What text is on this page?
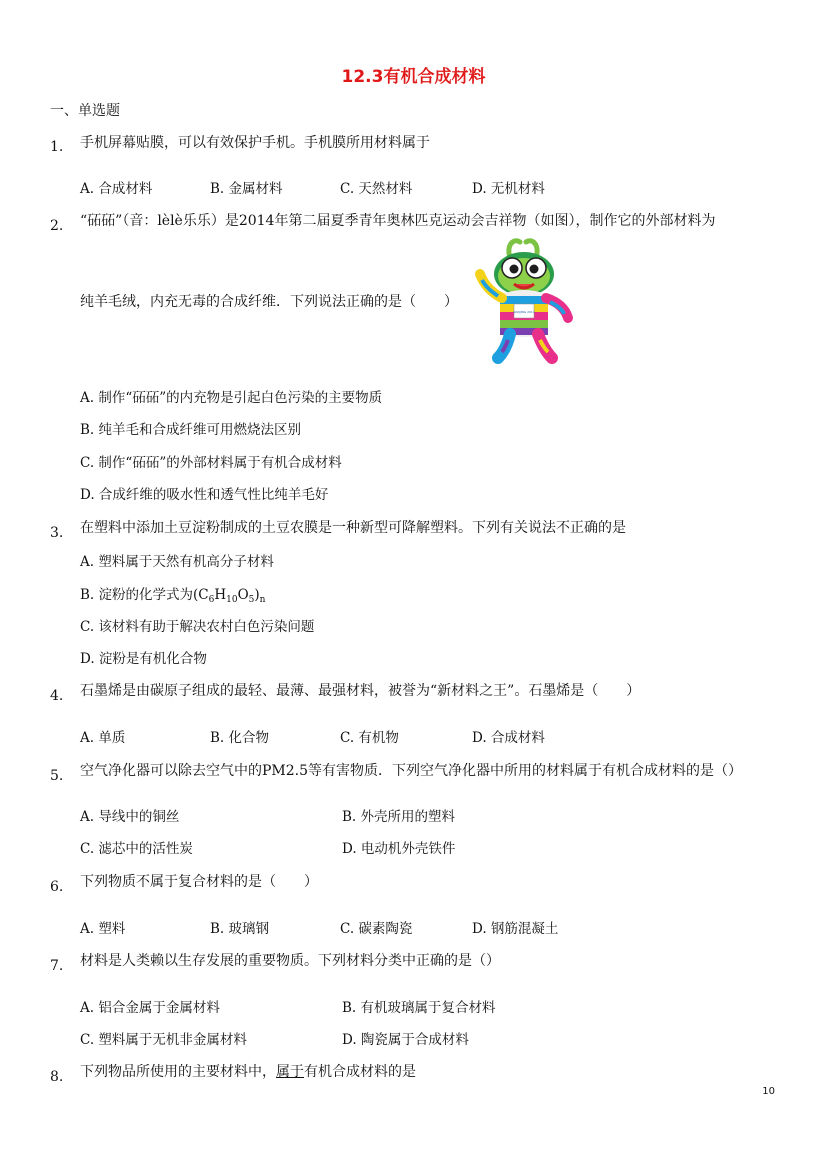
12.3有机合成材料
一、单选题
1. 手机屏幕贴膜，可以有效保护手机。手机膜所用材料属于
A. 合成材料	B. 金属材料	C. 天然材料	D. 无机材料
2. “砳砳”（音：lèlè乐乐）是2014年第二届夏季青年奥林匹克运动会吉祥物（如图），制作它的外部材料为
纯羊毛绒，内充无毒的合成纤维．下列说法正确的是（　　）
NANJING 2014
A. 制作“砳砳”的内充物是引起白色污染的主要物质
B. 纯羊毛和合成纤维可用燃烧法区别
C. 制作“砳砳”的外部材料属于有机合成材料
D. 合成纤维的吸水性和透气性比纯羊毛好
3. 在塑料中添加土豆淀粉制成的土豆农膜是一种新型可降解塑料。下列有关说法不正确的是
A. 塑料属于天然有机高分子材料
B. 淀粉的化学式为$(C_6H_{10}O_5)_n$
C. 该材料有助于解决农村白色污染问题
D. 淀粉是有机化合物
4. 石墨烯是由碳原子组成的最轻、最薄、最强材料，被誉为“新材料之王”。石墨烯是（　　）
A. 单质	B. 化合物	C. 有机物	D. 合成材料
5. 空气净化器可以除去空气中的PM2.5等有害物质．下列空气净化器中所用的材料属于有机合成材料的是（）
A. 导线中的铜丝	B. 外壳所用的塑料
C. 滤芯中的活性炭	D. 电动机外壳铁件
6. 下列物质不属于复合材料的是（　　）
A. 塑料	B. 玻璃钢	C. 碳素陶瓷	D. 钢筋混凝土
7. 材料是人类赖以生存发展的重要物质。下列材料分类中正确的是（）
A. 铝合金属于金属材料	B. 有机玻璃属于复合材料
C. 塑料属于无机非金属材料	D. 陶瓷属于合成材料
8. 下列物品所使用的主要材料中，属于有机合成材料的是
10
